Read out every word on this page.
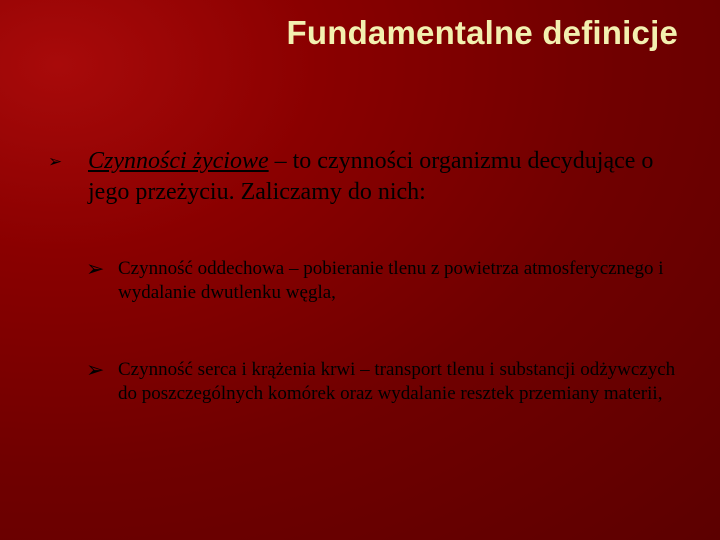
Fundamentalne definicje
➢ Czynności życiowe – to czynności organizmu decydujące o jego przeżyciu. Zaliczamy do nich:
➢ Czynność oddechowa – pobieranie tlenu z powietrza atmosferycznego i wydalanie dwutlenku węgla,
➢ Czynność serca i krążenia krwi – transport tlenu i substancji odżywczych do poszczególnych komórek oraz wydalanie resztek przemiany materii,
